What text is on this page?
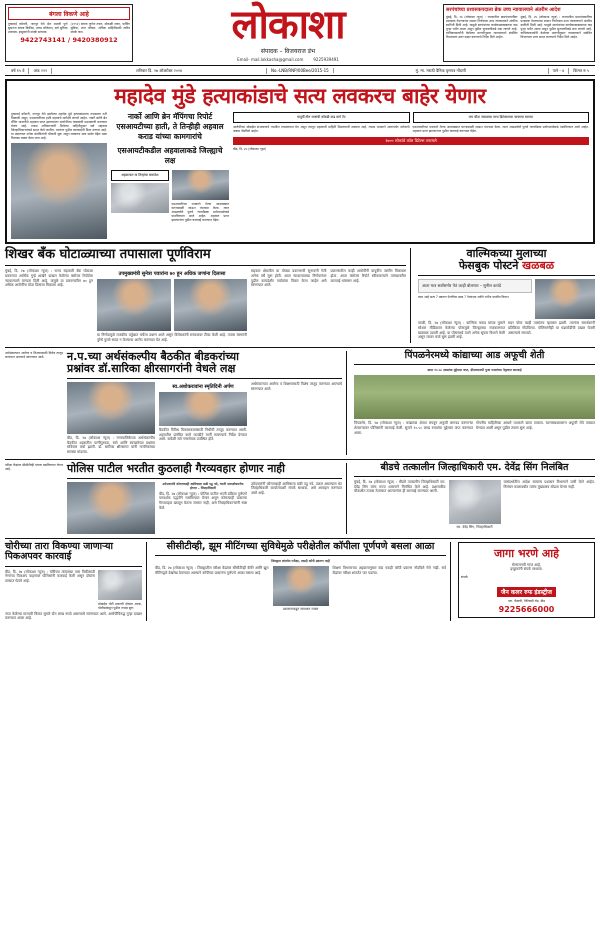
बंगला विकणे आहे
तुकाराई कॉलनी, नागपूर येथे दोन मजली पूर्ण सुसज्ज बंगला विक्रीस, उत्तम लोकेशन, सर्व सुविधा उपलब्ध. इच्छुकांनी संपर्क साधावा.
(२१९२) बंगला पूर्णतः तयार, मोकळी जागा, पार्किंग सुविधा, शांत परिसर. अधिक माहितीसाठी त्वरित संपर्क करा.
9422743141 / 9420380912	लोकाशा
संपादक – विजयराज डंभ
Email- mail.lokkasha@gmail.com	9225939491
सरपंचांच्या प्रशासकपदाला ब्रेक उच्च न्यायालयाने अंतरीम आदेश
मुंबई, दि. २७ (लोकाशा न्यूज) : राज्यातील ग्रामपंचायतींवर प्रशासक नेमण्याच्या शासन निर्णयाला उच्च न्यायालयाने अंतरिम स्थगिती दिली आहे. यामुळे सरपंचांच्या कार्यकाळाबाबतचा वाद पुन्हा चर्चेत आला असून पुढील सुनावणीकडे लक्ष लागले आहे. याचिकाकर्त्यांनी केलेल्या मागणीनुसार न्यायालयाने संबंधित विभागाला उत्तर सादर करण्याचे निर्देश दिले आहेत.
मुंबई, दि. २७ (लोकाशा न्यूज) : राज्यातील ग्रामपंचायतींवर प्रशासक नेमण्याच्या शासन निर्णयाला उच्च न्यायालयाने अंतरिम स्थगिती दिली आहे. यामुळे सरपंचांच्या कार्यकाळाबाबतचा वाद पुन्हा चर्चेत आला असून पुढील सुनावणीकडे लक्ष लागले आहे. याचिकाकर्त्यांनी केलेल्या मागणीनुसार न्यायालयाने संबंधित विभागाला उत्तर सादर करण्याचे निर्देश दिले आहेत.
वर्ष १५ वे	अंक २२२	शनिवार दि. २७ ऑक्टोबर २०२४	No.-LNB/RNP/00Bee/2015-15	मुं. मा. मराठी दैनिक वृत्तपत्र नोंदणी	पाने - ४	किंमत रु ५
महादेव मुंडे हत्याकांडाचे सत्य लवकरच बाहेर येणार
तुकाराई कॉलनी, नागपूर येथे झालेल्या महादेव मुंडे हत्याकांडाच्या तपासाला गती मिळाली असून, एसआयटीच्या हाती महत्वाचे धागेदोरे लागले आहेत. नार्को आणि ब्रेन मॅपिंग चाचणीचे अहवाल प्राप्त झाल्यानंतर आरोपींच्या जबाबांची पडताळणी करण्यात येणार आहे. तपास अधिकाऱ्यांनी दिलेल्या माहितीनुसार सर्व अहवाल जिल्हाधिकाऱ्यांकडे सादर केले जातील. त्यानंतर पुढील कारवाईची दिशा ठरणार आहे. या प्रकरणात अनेक संशयितांची चौकशी सुरू असून लवकरच सत्य समोर येईल असा विश्वास व्यक्त केला जात आहे.
नार्को आणि ब्रेन मॅपिंगचा रिपोर्ट एसआयटीच्या हाती, ते तिन्हीही अहवाल कराड यांच्या काम​गारांचे
एसआयटीकडील अहवालाकडे जिल्ह्याचे लक्ष
अहवालात या तिन्हांचा समावेश
एसआयटीच्या पथकाने गेल्या आठवड्यात घटनास्थळी जाऊन पंचनामा केला. त्यात आढळलेले पुरावे न्यायवैद्यक प्रयोगशाळेकडे पाठविण्यात आले आहेत. अहवाल प्राप्त झाल्यानंतर पुढील कारवाई करण्यात येईल.
यापूर्वी तीन जणांची कोठडी वाढ मागे टेंट
आरोपींच्या मोबाईल संभाषणाचे तपशील तपासण्यात येत असून त्यातून महत्वाची माहिती मिळण्याची शक्यता आहे. तपास पथकाने आतापर्यंत अनेकांचे जबाब नोंदविले आहेत.
जय चौदा जवळच्या लाच डिटेक्टरच्या चाचण्या घ्याव्या
एसआयटीच्या पथकाने गेल्या आठवड्यात घटनास्थळी जाऊन पंचनामा केला. त्यात आढळलेले पुरावे न्यायवैद्यक प्रयोगशाळेकडे पाठविण्यात आले आहेत. अहवाल प्राप्त झाल्यानंतर पुढील कारवाई करण्यात येईल.
१७०० लोकांचे कॉल डिटेल्स तपासले
बीड, दि. २७ (लोकाशा न्यूज)
शिखर बँक घोटाळ्याच्या तपासाला पूर्णविराम
मुंबई, दि. २७ (लोकाशा न्यूज) : राज्य सहकारी बँक घोटाळा प्रकरणात आर्थिक गुन्हे शाखेने दाखल केलेल्या क्लोजर रिपोर्टला न्यायालयाने मान्यता दिली आहे. यामुळे या प्रकरणातील ७० हून अधिक आरोपींना मोठा दिलासा मिळाला आहे.
उपमुख्यमंत्री सुनेत्रा पवारांना ७० हून अधिक जणांना दिलासा
या निर्णयामुळे राजकीय वर्तुळात चर्चेला उधाण आले असून विरोधकांनी सरकारवर टीका केली आहे. तपास यंत्रणांनी पुरेसे पुरावे सादर न केल्याचा आरोप करण्यात येत आहे.
सहकार क्षेत्रातील या मोठ्या प्रकरणाची सुनावणी गेली अनेक वर्षे सुरू होती. आता न्यायालयाच्या निर्णयानंतर पुढील कायदेशीर पर्यायांचा विचार केला जाईल असे सांगण्यात आले.
प्रकरणातील काही आरोपींनी यापूर्वीच जामीन मिळवला होता. आता क्लोजर रिपोर्ट स्वीकारल्याने त्यांच्यावरील कारवाई थांबणार आहे.
वाल्मिकच्या मुलाच्या
फेसबुक पोस्टने खळबळ
आता मात्र सर्वांसमोर येतं काही बोलणार – सुनील करांडे
काय आहे सत्य ? प्रकरण ऐरणीवर उघड ? नेत्यांच्या आणि चर्चेना परळीत विधान
परळी, दि. २७ (लोकाशा न्यूज) : वाल्मिक कराड यांच्या मुलाने सोशल मीडियावर केलेल्या पोस्टमुळे जिल्ह्याच्या राजकारणात खळबळ उडाली आहे. या पोस्टमध्ये त्याने अनेक सूचक विधाने केली असून त्यावर चर्चा सुरू झाली आहे.
सदर पोस्ट काही तासांतच व्हायरल झाली. त्यानंतर समर्थकांनी प्रतिक्रिया नोंदविल्या. पोलिसांनीही या घडामोडींची दखल घेतली असल्याचे समजते.
अर्थसंकल्पात आरोग्य व शिक्षणासाठी विशेष तरतूद करण्यात आल्याचे सांगण्यात आले.	न.प.च्या अर्थसंकल्पीय बैठकीत बीडकरांच्या
प्रश्नांवर डॉ.सारिका क्षीरसागरांनी वेधले लक्ष
बीड, दि. २७ (लोकाशा न्यूज) : नगरपालिकेच्या अर्थसंकल्पीय बैठकीत शहरातील पाणीपुरवठा, रस्ते आणि स्वच्छतेच्या प्रश्नांवर सविस्तर चर्चा झाली. डॉ. सारिका क्षीरसागर यांनी नागरिकांच्या समस्या मांडल्या.
स्व.अशोकरावांना स्मृतिदिनी अर्पण
बैठकीत विविध विकासकामांसाठी निधीची तरतूद करण्यात आली. शहरातील प्रलंबित कामे तातडीने मार्गी लावण्याचे निर्देश देण्यात आले. यावेळी सर्व नगरसेवक उपस्थित होते.
अर्थसंकल्पात आरोग्य व शिक्षणासाठी विशेष तरतूद करण्यात आल्याचे सांगण्यात आले.
पिंपळनेरमध्ये कांद्याच्या आड अफूची शेती
छापा १०.५८ लाखांचा मुद्देमाल जप्त, डीवायएसपी पुजा पवारांच्या नेतृत्वात कारवाई
पिंपळनेर, दि. २७ (लोकाशा न्यूज) : कांद्याच्या शेतात लपवून अफूची लागवड करणाऱ्या शेतकऱ्यावर पोलिसांनी कारवाई केली. सुमारे १०.५८ लाख रुपयांचा मुद्देमाल जप्त करण्यात आला.
गोपनीय माहितीच्या आधारे पथकाने छापा टाकला. घटनास्थळावरून अफूची रोपे ताब्यात घेण्यात आली असून पुढील तपास सुरू आहे.
परीक्षा केंद्रांवर सीसीटीव्ही यंत्रणा बसविण्यात येणार आहे.	पोलिस पाटील भरतीत कुठलाही गैरव्यवहार होणार नाही
उमेदवारांनी कोणाच्याही आमिषाला बळी पडू नये, भरती पारदर्शकपणेच होणार – जिल्हाधिकारी
बीड, दि. २७ (लोकाशा न्यूज) : पोलिस पाटील भरती प्रक्रिया पूर्णपणे पारदर्शक पद्धतीने राबविण्यात येणार असून कोणत्याही प्रकारचा गैरव्यवहार खपवून घेतला जाणार नाही, असे जिल्हाधिकाऱ्यांनी स्पष्ट केले.
उमेदवारांनी कोणाच्याही आमिषाला बळी पडू नये. तक्रार असल्यास थेट जिल्हाधिकारी कार्यालयाशी संपर्क साधावा, असे आवाहन करण्यात आले आहे.
बीडचे तत्कालीन जिल्हाधिकारी एम. देवेंद्र सिंग निलंबित
मुंबई, दि. २७ (लोकाशा न्यूज) : बीडचे तत्कालीन जिल्हाधिकारी एम. देवेंद्र सिंग यांना राज्य शासनाने निलंबित केले आहे. प्रशासकीय चौकशीत ठपका ठेवण्यात आल्यानंतर ही कारवाई करण्यात आली.
एम. देवेंद्र सिंग, जिल्हाधिकारी
यासंदर्भातील आदेश सामान्य प्रशासन विभागाने जारी केले आहेत. निलंबन कालावधीत त्यांना मुख्यालय सोडता येणार नाही.
चोरीच्या तारा विकण्या जाणाऱ्या पिकअपवर कारवाई
बीड, दि. २७ (लोकाशा न्यूज) : चोरीच्या तांब्याच्या तारा विक्रीसाठी नेणाऱ्या पिकअप वाहनावर पोलिसांनी कारवाई केली असून दोघांना ताब्यात घेतले आहे.
मोबाईल चोरी प्रकरणी दोघांना अटक, पोलीसांकडून पुढील तपास सुरू
जप्त केलेल्या मालाची किंमत सुमारे दोन लाख रुपये असल्याचे सांगण्यात आले. आरोपींविरुद्ध गुन्हा दाखल करण्यात आला आहे.
सीसीटीव्ही, झूम मीटिंगच्या सुविधेमुळे परीक्षेतील कॉपीला पूर्णपणे बसला आळा
जिल्ह्यात शांततेत परीक्षा, एकही कॉपी प्रकरण नाही
बीड, दि. २७ (लोकाशा न्यूज) : जिल्ह्यातील परीक्षा केंद्रांवर सीसीटीव्ही कॅमेरे आणि झूम मीटिंगद्वारे देखरेख ठेवण्यात आल्याने कॉपीच्या प्रकारांना पूर्णपणे आळा बसला आहे.
प्रशासनाकडून समाधान व्यक्त
शिक्षण विभागाच्या अहवालानुसार यंदा एकही कॉपी प्रकरण नोंदविले गेले नाही. सर्व केंद्रांवर परीक्षा शांततेत पार पडल्या.
जागा भरणे आहे
सेल्समनची गरज आहे,
इच्छुकांनी संपर्क साधावा.
संपर्क:
जैन कलर रुफ इंडस्ट्रीज
प्ला. फॅक्टरी, जिरेवाडी रोड, बीड
9225666000
